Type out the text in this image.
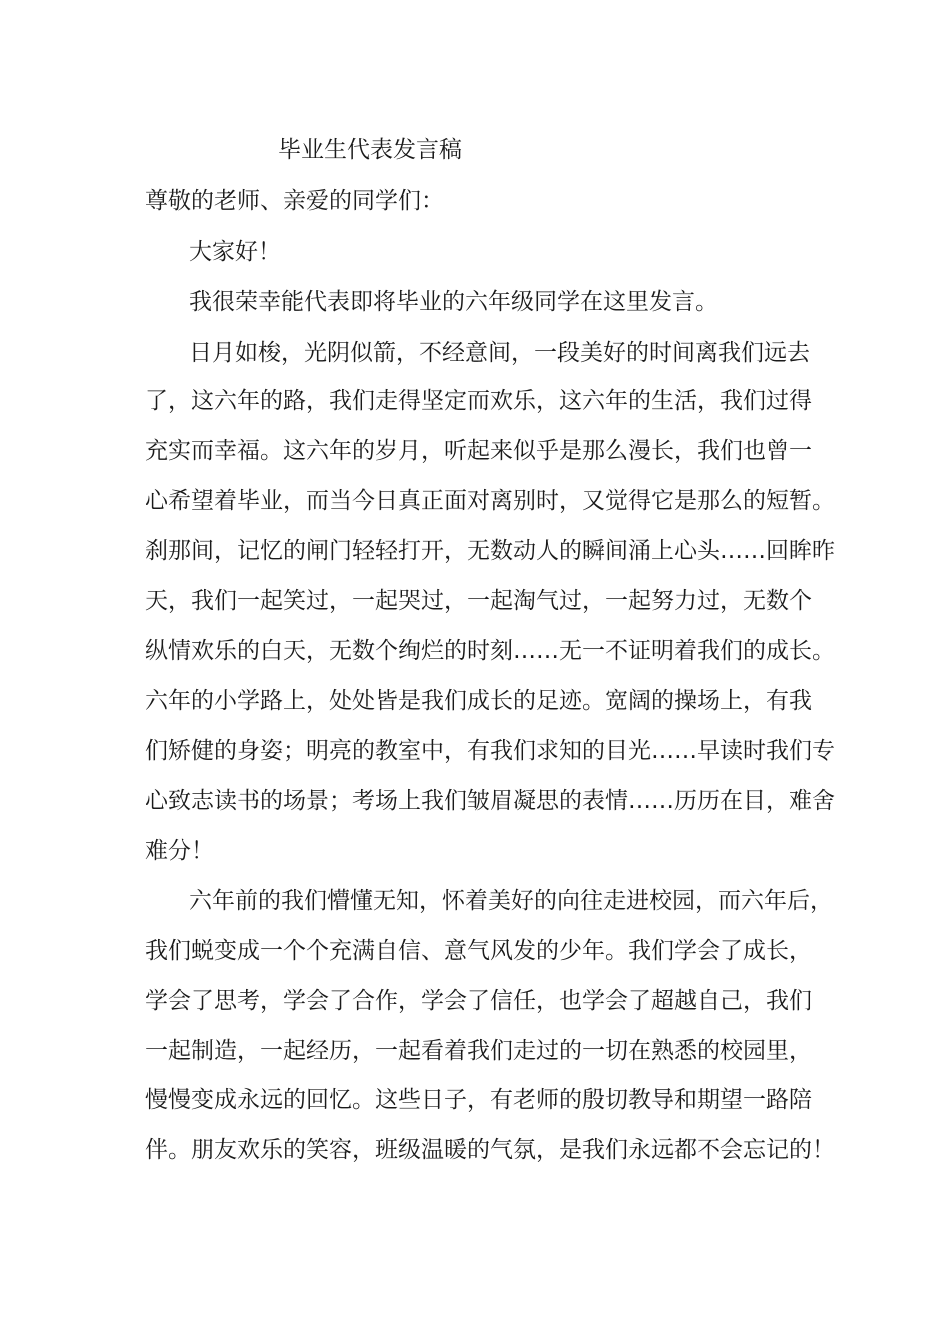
毕业生代表发言稿
尊敬的老师、亲爱的同学们：
大家好！
我很荣幸能代表即将毕业的六年级同学在这里发言。
日月如梭，光阴似箭，不经意间，一段美好的时间离我们远去
了，这六年的路，我们走得坚定而欢乐，这六年的生活，我们过得
充实而幸福。这六年的岁月，听起来似乎是那么漫长，我们也曾一
心希望着毕业，而当今日真正面对离别时，又觉得它是那么的短暂。
刹那间，记忆的闸门轻轻打开，无数动人的瞬间涌上心头……回眸昨
天，我们一起笑过，一起哭过，一起淘气过，一起努力过，无数个
纵情欢乐的白天，无数个绚烂的时刻……无一不证明着我们的成长。
六年的小学路上，处处皆是我们成长的足迹。宽阔的操场上，有我
们矫健的身姿；明亮的教室中，有我们求知的目光……早读时我们专
心致志读书的场景；考场上我们皱眉凝思的表情……历历在目，难舍
难分！
六年前的我们懵懂无知，怀着美好的向往走进校园，而六年后，
我们蜕变成一个个充满自信、意气风发的少年。我们学会了成长，
学会了思考，学会了合作，学会了信任，也学会了超越自己，我们
一起制造，一起经历，一起看着我们走过的一切在熟悉的校园里，
慢慢变成永远的回忆。这些日子，有老师的殷切教导和期望一路陪
伴。朋友欢乐的笑容，班级温暖的气氛，是我们永远都不会忘记的！
